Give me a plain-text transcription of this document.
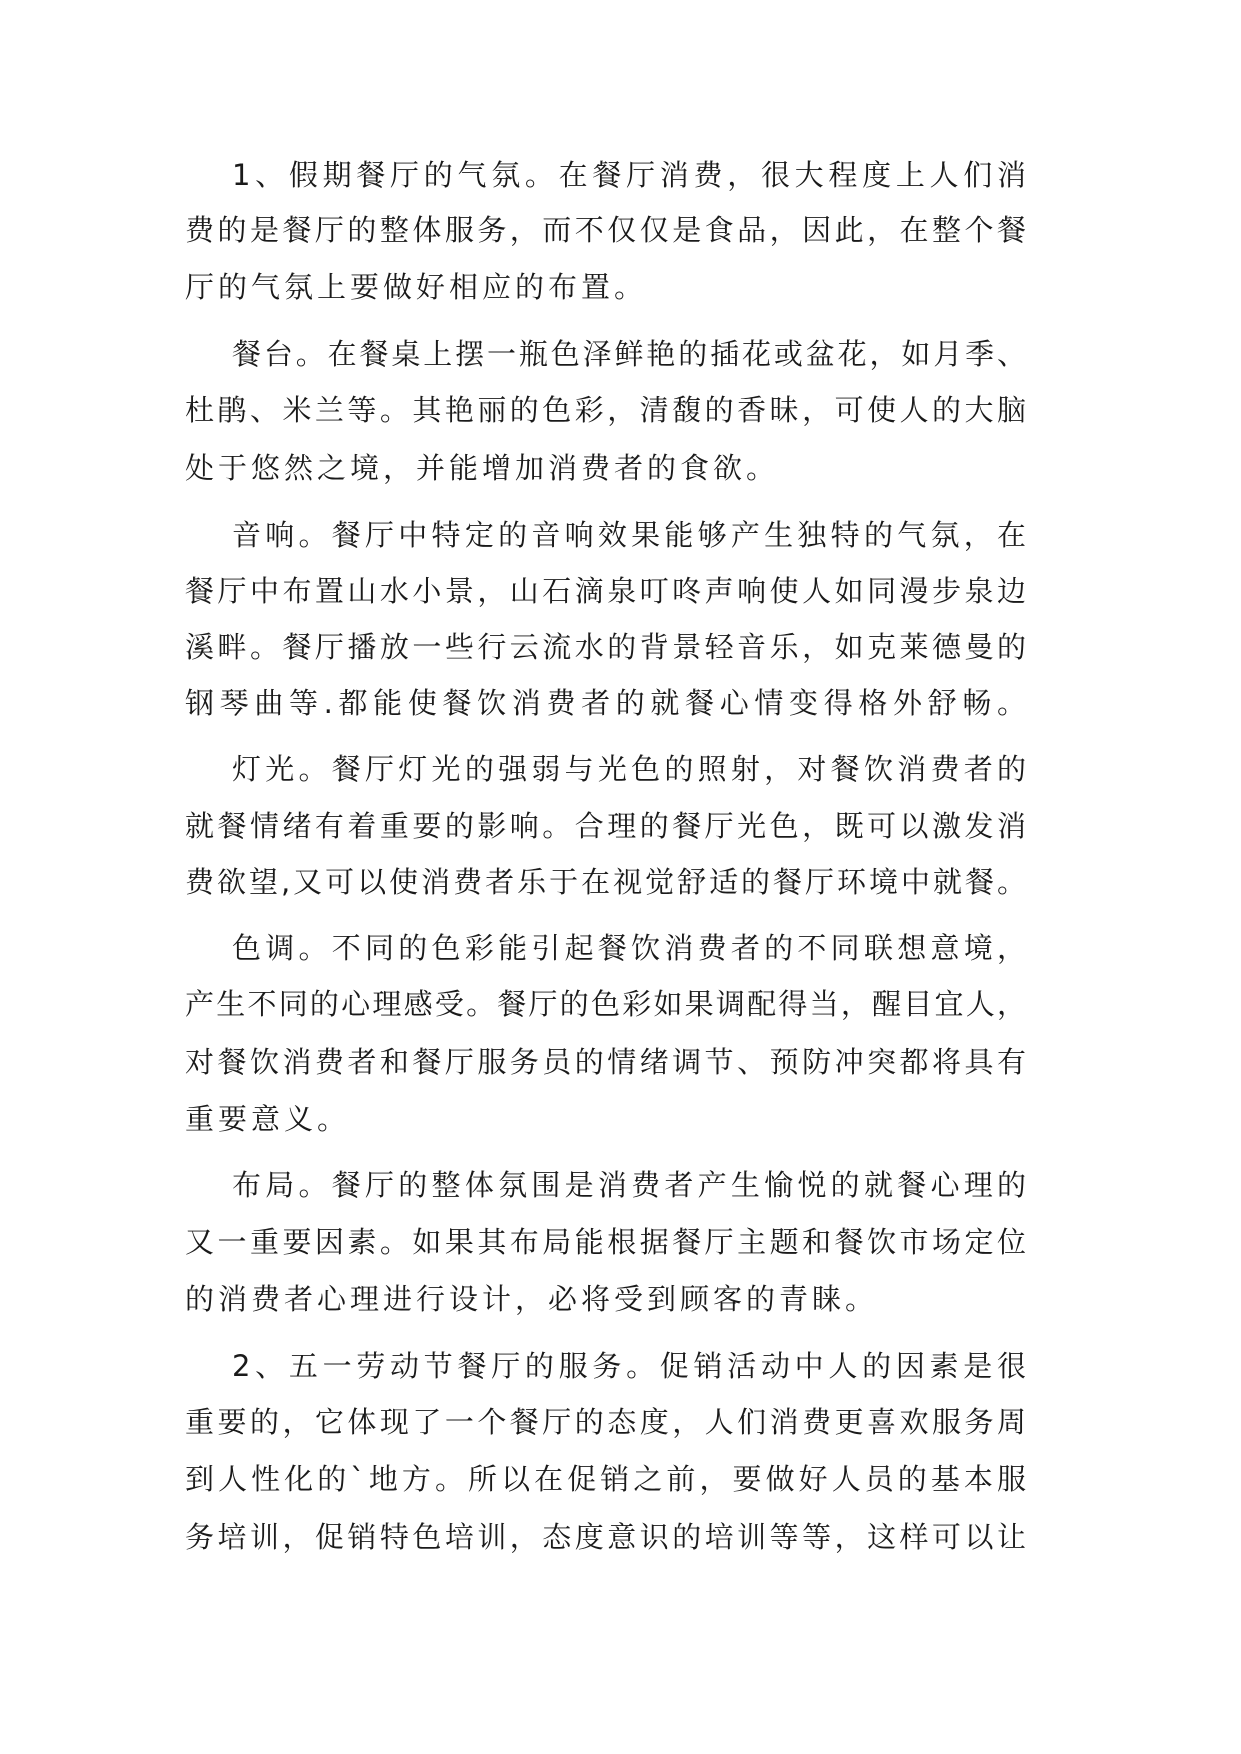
1、假期餐厅的气氛。在餐厅消费，很大程度上人们消
费的是餐厅的整体服务，而不仅仅是食品，因此，在整个餐
厅的气氛上要做好相应的布置。
餐台。在餐桌上摆一瓶色泽鲜艳的插花或盆花，如月季、
杜鹃、米兰等。其艳丽的色彩，清馥的香昧，可使人的大脑
处于悠然之境，并能增加消费者的食欲。
音响。餐厅中特定的音响效果能够产生独特的气氛，在
餐厅中布置山水小景，山石滴泉叮咚声响使人如同漫步泉边
溪畔。餐厅播放一些行云流水的背景轻音乐，如克莱德曼的
钢琴曲等.都能使餐饮消费者的就餐心情变得格外舒畅。
灯光。餐厅灯光的强弱与光色的照射，对餐饮消费者的
就餐情绪有着重要的影响。合理的餐厅光色，既可以激发消
费欲望,又可以使消费者乐于在视觉舒适的餐厅环境中就餐。
色调。不同的色彩能引起餐饮消费者的不同联想意境，
产生不同的心理感受。餐厅的色彩如果调配得当，醒目宜人，
对餐饮消费者和餐厅服务员的情绪调节、预防冲突都将具有
重要意义。
布局。餐厅的整体氛围是消费者产生愉悦的就餐心理的
又一重要因素。如果其布局能根据餐厅主题和餐饮市场定位
的消费者心理进行设计，必将受到顾客的青睐。
2、五一劳动节餐厅的服务。促销活动中人的因素是很
重要的，它体现了一个餐厅的态度，人们消费更喜欢服务周
到人性化的`地方。所以在促销之前，要做好人员的基本服
务培训，促销特色培训，态度意识的培训等等，这样可以让
